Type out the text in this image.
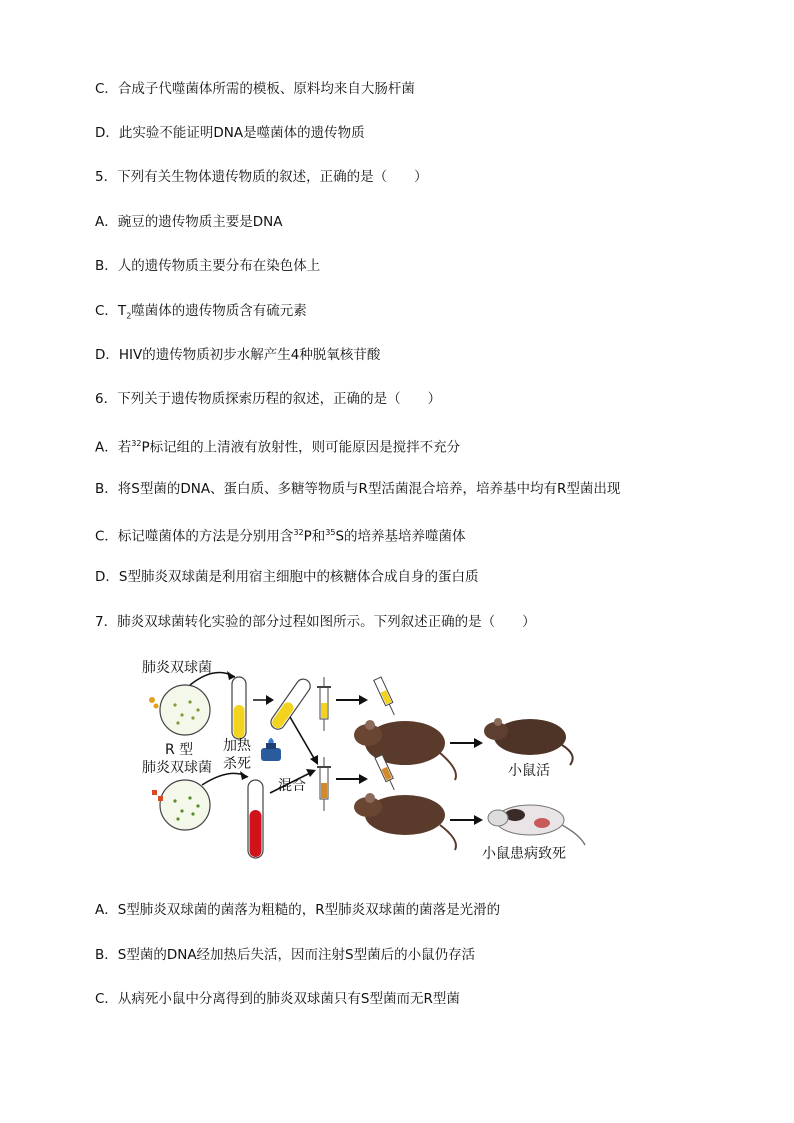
C．合成子代噬菌体所需的模板、原料均来自大肠杆菌
D．此实验不能证明DNA是噬菌体的遗传物质
5．下列有关生物体遗传物质的叙述，正确的是（　　）
A．豌豆的遗传物质主要是DNA
B．人的遗传物质主要分布在染色体上
C．$T_2$噬菌体的遗传物质含有硫元素
D．HIV的遗传物质初步水解产生4种脱氧核苷酸
6．下列关于遗传物质探索历程的叙述，正确的是（　　）
A．若$^{32}$P标记组的上清液有放射性，则可能原因是搅拌不充分
B．将S型菌的DNA、蛋白质、多糖等物质与R型活菌混合培养，培养基中均有R型菌出现
C．标记噬菌体的方法是分别用含$^{32}$P和$^{35}$S的培养基培养噬菌体
D．S型肺炎双球菌是利用宿主细胞中的核糖体合成自身的蛋白质
7．肺炎双球菌转化实验的部分过程如图所示。下列叙述正确的是（　　）
肺炎双球菌
R 型
肺炎双球菌
加热
杀死
混合
小鼠活
小鼠患病致死
A．S型肺炎双球菌的菌落为粗糙的，R型肺炎双球菌的菌落是光滑的
B．S型菌的DNA经加热后失活，因而注射S型菌后的小鼠仍存活
C．从病死小鼠中分离得到的肺炎双球菌只有S型菌而无R型菌
